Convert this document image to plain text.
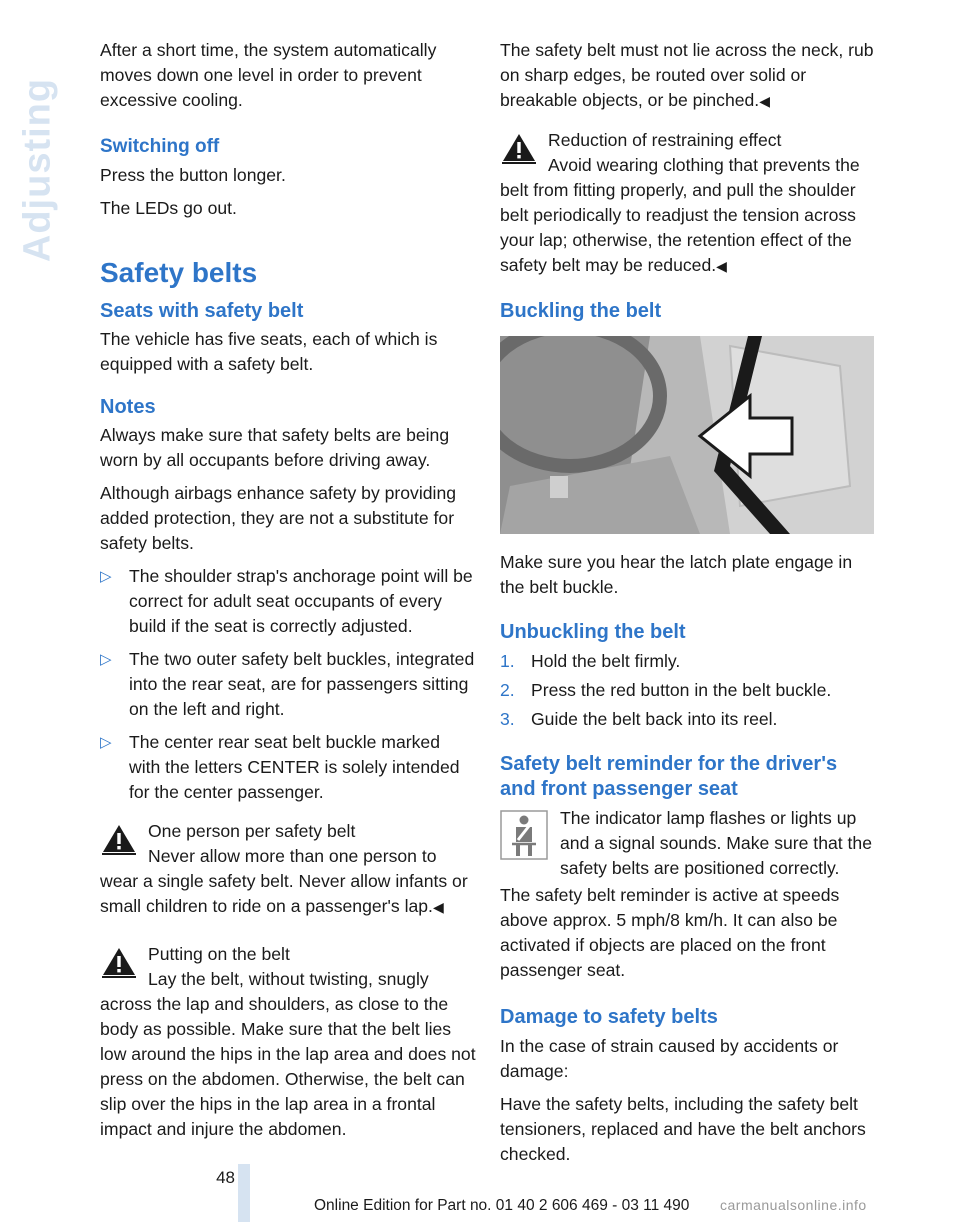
Adjusting

After a short time, the system automatically moves down one level in order to prevent excessive cooling.

Switching off

Press the button longer.

The LEDs go out.

Safety belts
Seats with safety belt

The vehicle has five seats, each of which is equipped with a safety belt.

Notes

Always make sure that safety belts are being worn by all occupants before driving away.

Although airbags enhance safety by providing added protection, they are not a substitute for safety belts.

▷ The shoulder strap's anchorage point will be correct for adult seat occupants of every build if the seat is correctly adjusted.
▷ The two outer safety belt buckles, integrated into the rear seat, are for passengers sitting on the left and right.
▷ The center rear seat belt buckle marked with the letters CENTER is solely intended for the center passenger.
One person per safety belt
Never allow more than one person to wear a single safety belt. Never allow infants or small children to ride on a passenger's lap.◀
Putting on the belt
Lay the belt, without twisting, snugly across the lap and shoulders, as close to the body as possible. Make sure that the belt lies low around the hips in the lap area and does not press on the abdomen. Otherwise, the belt can slip over the hips in the lap area in a frontal impact and injure the abdomen.

The safety belt must not lie across the neck, rub on sharp edges, be routed over solid or breakable objects, or be pinched.◀

Reduction of restraining effect
Avoid wearing clothing that prevents the belt from fitting properly, and pull the shoulder belt periodically to readjust the tension across your lap; otherwise, the retention effect of the safety belt may be reduced.◀
Buckling the belt

Make sure you hear the latch plate engage in the belt buckle.

Unbuckling the belt
1. Hold the belt firmly.
2. Press the red button in the belt buckle.
3. Guide the belt back into its reel.
Safety belt reminder for the driver's and front passenger seat

The indicator lamp flashes or lights up and a signal sounds. Make sure that the safety belts are positioned correctly.

The safety belt reminder is active at speeds above approx. 5 mph/8 km/h. It can also be activated if objects are placed on the front passenger seat.

Damage to safety belts

In the case of strain caused by accidents or damage:

Have the safety belts, including the safety belt tensioners, replaced and have the belt anchors checked.

48
Online Edition for Part no. 01 40 2 606 469 - 03 11 490 carmanualsonline.info
